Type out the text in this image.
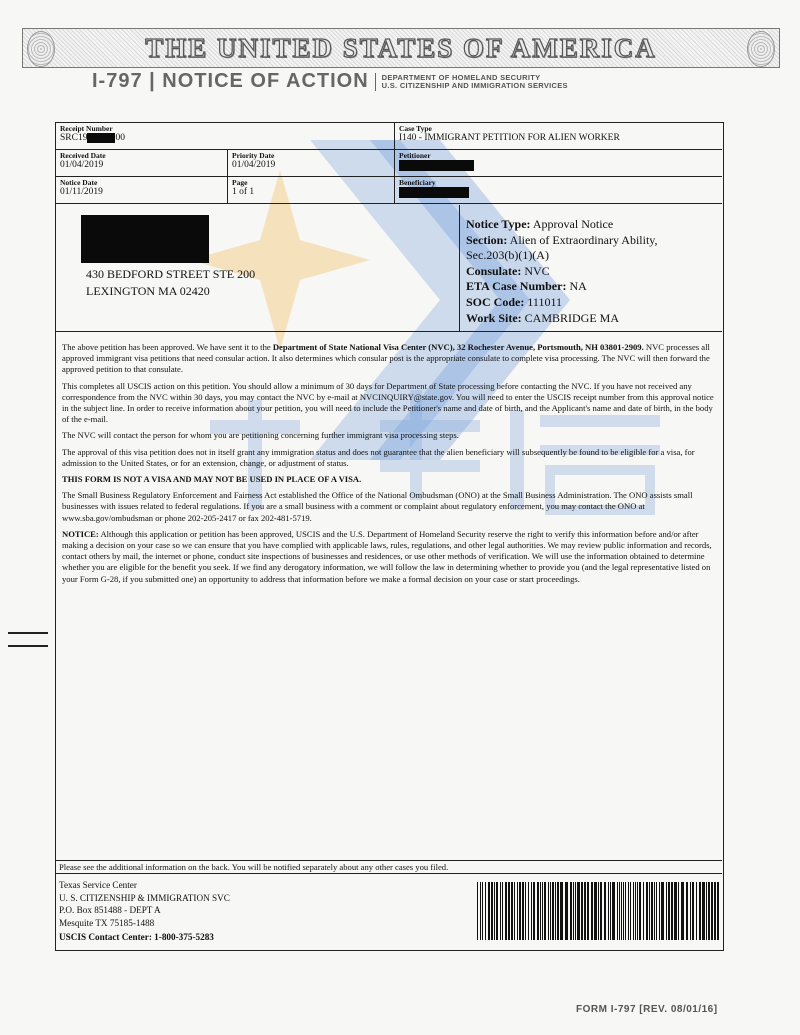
THE UNITED STATES OF AMERICA
I-797 | NOTICE OF ACTION DEPARTMENT OF HOMELAND SECURITY
U.S. CITIZENSHIP AND IMMIGRATION SERVICES
Receipt Number
SRC19	00
Case Type
I140 - IMMIGRANT PETITION FOR ALIEN WORKER
Received Date
01/04/2019
Priority Date
01/04/2019
Petitioner
Notice Date
01/11/2019
Page
1 of 1
Beneficiary
430 BEDFORD STREET STE 200
LEXINGTON MA 02420
Notice Type: Approval Notice
Section: Alien of Extraordinary Ability,
Sec.203(b)(1)(A)
Consulate: NVC
ETA Case Number: NA
SOC Code: 111011
Work Site: CAMBRIDGE MA

The above petition has been approved. We have sent it to the Department of State National Visa Center (NVC), 32 Rochester Avenue, Portsmouth, NH 03801-2909. NVC processes all approved immigrant visa petitions that need consular action. It also determines which consular post is the appropriate consulate to complete visa processing. The NVC will then forward the approved petition to that consulate.

This completes all USCIS action on this petition. You should allow a minimum of 30 days for Department of State processing before contacting the NVC. If you have not received any correspondence from the NVC within 30 days, you may contact the NVC by e-mail at NVCINQUIRY@state.gov. You will need to enter the USCIS receipt number from this approval notice in the subject line. In order to receive information about your petition, you will need to include the Petitioner's name and date of birth, and the Applicant's name and date of birth, in the body of the e-mail.

The NVC will contact the person for whom you are petitioning concerning further immigrant visa processing steps.

The approval of this visa petition does not in itself grant any immigration status and does not guarantee that the alien beneficiary will subsequently be found to be eligible for a visa, for admission to the United States, or for an extension, change, or adjustment of status.

THIS FORM IS NOT A VISA AND MAY NOT BE USED IN PLACE OF A VISA.

The Small Business Regulatory Enforcement and Fairness Act established the Office of the National Ombudsman (ONO) at the Small Business Administration. The ONO assists small businesses with issues related to federal regulations. If you are a small business with a comment or complaint about regulatory enforcement, you may contact the ONO at www.sba.gov/ombudsman or phone 202-205-2417 or fax 202-481-5719.

NOTICE: Although this application or petition has been approved, USCIS and the U.S. Department of Homeland Security reserve the right to verify this information before and/or after making a decision on your case so we can ensure that you have complied with applicable laws, rules, regulations, and other legal authorities. We may review public information and records, contact others by mail, the internet or phone, conduct site inspections of businesses and residences, or use other methods of verification. We will use the information obtained to determine whether you are eligible for the benefit you seek. If we find any derogatory information, we will follow the law in determining whether to provide you (and the legal representative listed on your Form G-28, if you submitted one) an opportunity to address that information before we make a formal decision on your case or start proceedings.

Please see the additional information on the back. You will be notified separately about any other cases you filed.
Texas Service Center
U. S. CITIZENSHIP & IMMIGRATION SVC
P.O. Box 851488 - DEPT A
Mesquite TX 75185-1488
USCIS Contact Center: 1-800-375-5283
FORM I-797 [REV. 08/01/16]
